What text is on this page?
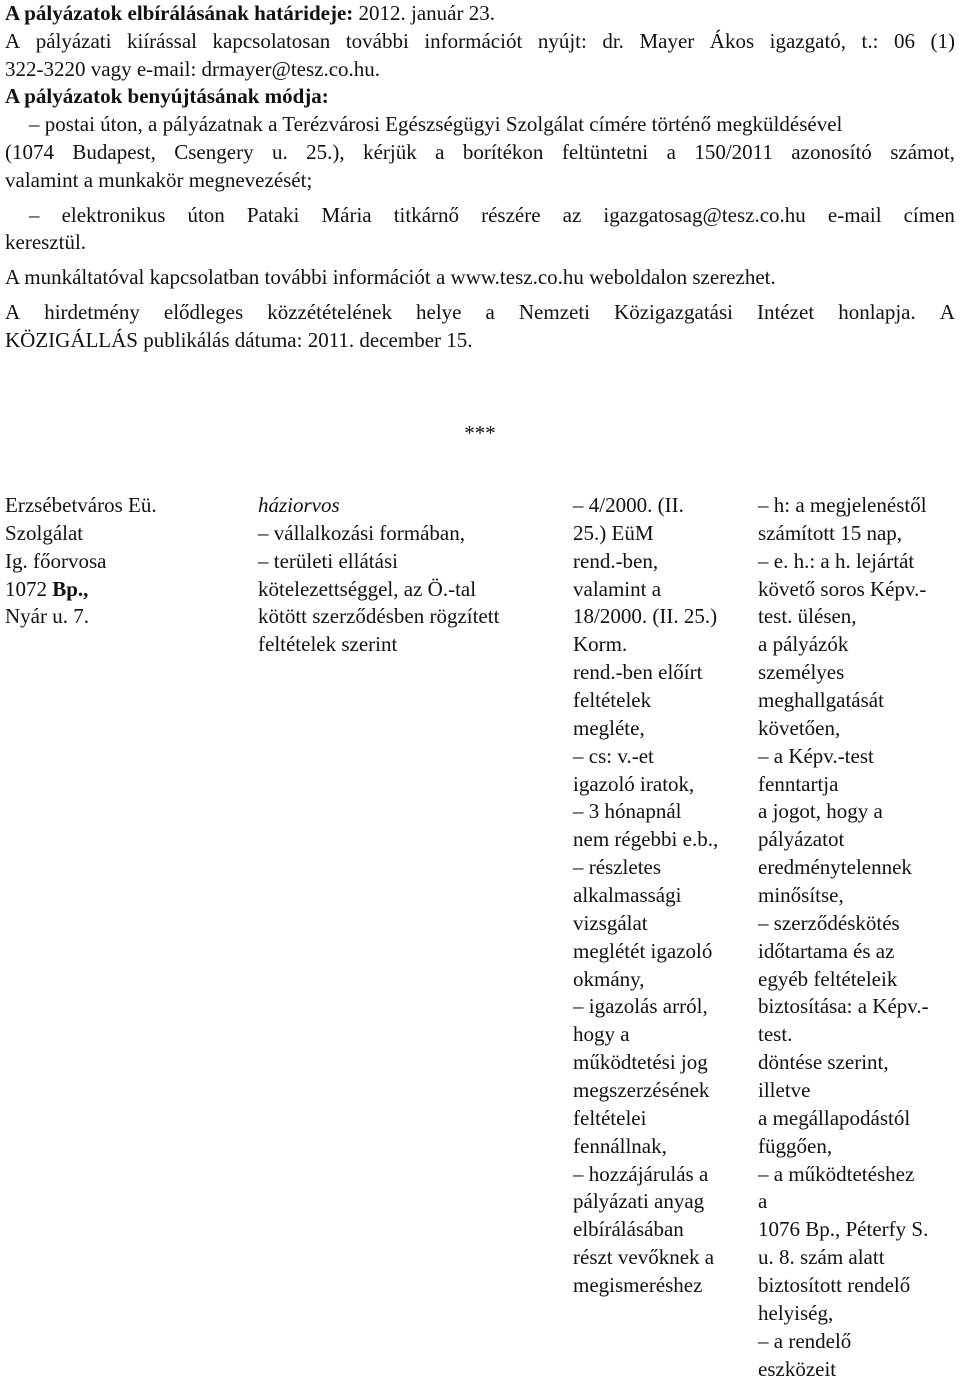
A pályázatok elbírálásának határideje: 2012. január 23.
A pályázati kiírással kapcsolatosan további információt nyújt: dr. Mayer Ákos igazgató, t.: 06 (1)
322-3220 vagy e-mail: drmayer@tesz.co.hu.
A pályázatok benyújtásának módja:
– postai úton, a pályázatnak a Terézvárosi Egészségügyi Szolgálat címére történő megküldésével
(1074 Budapest, Csengery u. 25.), kérjük a borítékon feltüntetni a 150/2011 azonosító számot,
valamint a munkakör megnevezését;
– elektronikus úton Pataki Mária titkárnő részére az igazgatosag@tesz.co.hu e-mail címen
keresztül.
A munkáltatóval kapcsolatban további információt a www.tesz.co.hu weboldalon szerezhet.
A hirdetmény elődleges közzétételének helye a Nemzeti Közigazgatási Intézet honlapja. A
KÖZIGÁLLÁS publikálás dátuma: 2011. december 15.
***
Erzsébetváros Eü.
Szolgálat
Ig. főorvosa
1072 Bp.,
Nyár u. 7.
háziorvos
– vállalkozási formában,
– területi ellátási
kötelezettséggel, az Ö.-tal
kötött szerződésben rögzített
feltételek szerint
– 4/2000. (II.
25.) EüM
rend.-ben,
valamint a
18/2000. (II. 25.)
Korm.
rend.-ben előírt
feltételek
megléte,
– cs: v.-et
igazoló iratok,
– 3 hónapnál
nem régebbi e.b.,
– részletes
alkalmassági
vizsgálat
meglétét igazoló
okmány,
– igazolás arról,
hogy a
működtetési jog
megszerzésének
feltételei
fennállnak,
– hozzájárulás a
pályázati anyag
elbírálásában
részt vevőknek a
megismeréshez
– h: a megjelenéstől
számított 15 nap,
– e. h.: a h. lejártát
követő soros Képv.-
test. ülésen,
a pályázók
személyes
meghallgatását
követően,
– a Képv.-test
fenntartja
a jogot, hogy a
pályázatot
eredménytelennek
minősítse,
– szerződéskötés
időtartama és az
egyéb feltételeik
biztosítása: a Képv.-
test.
döntése szerint,
illetve
a megállapodástól
függően,
– a működtetéshez
a
1076 Bp., Péterfy S.
u. 8. szám alatt
biztosított rendelő
helyiség,
– a rendelő
eszközeit
